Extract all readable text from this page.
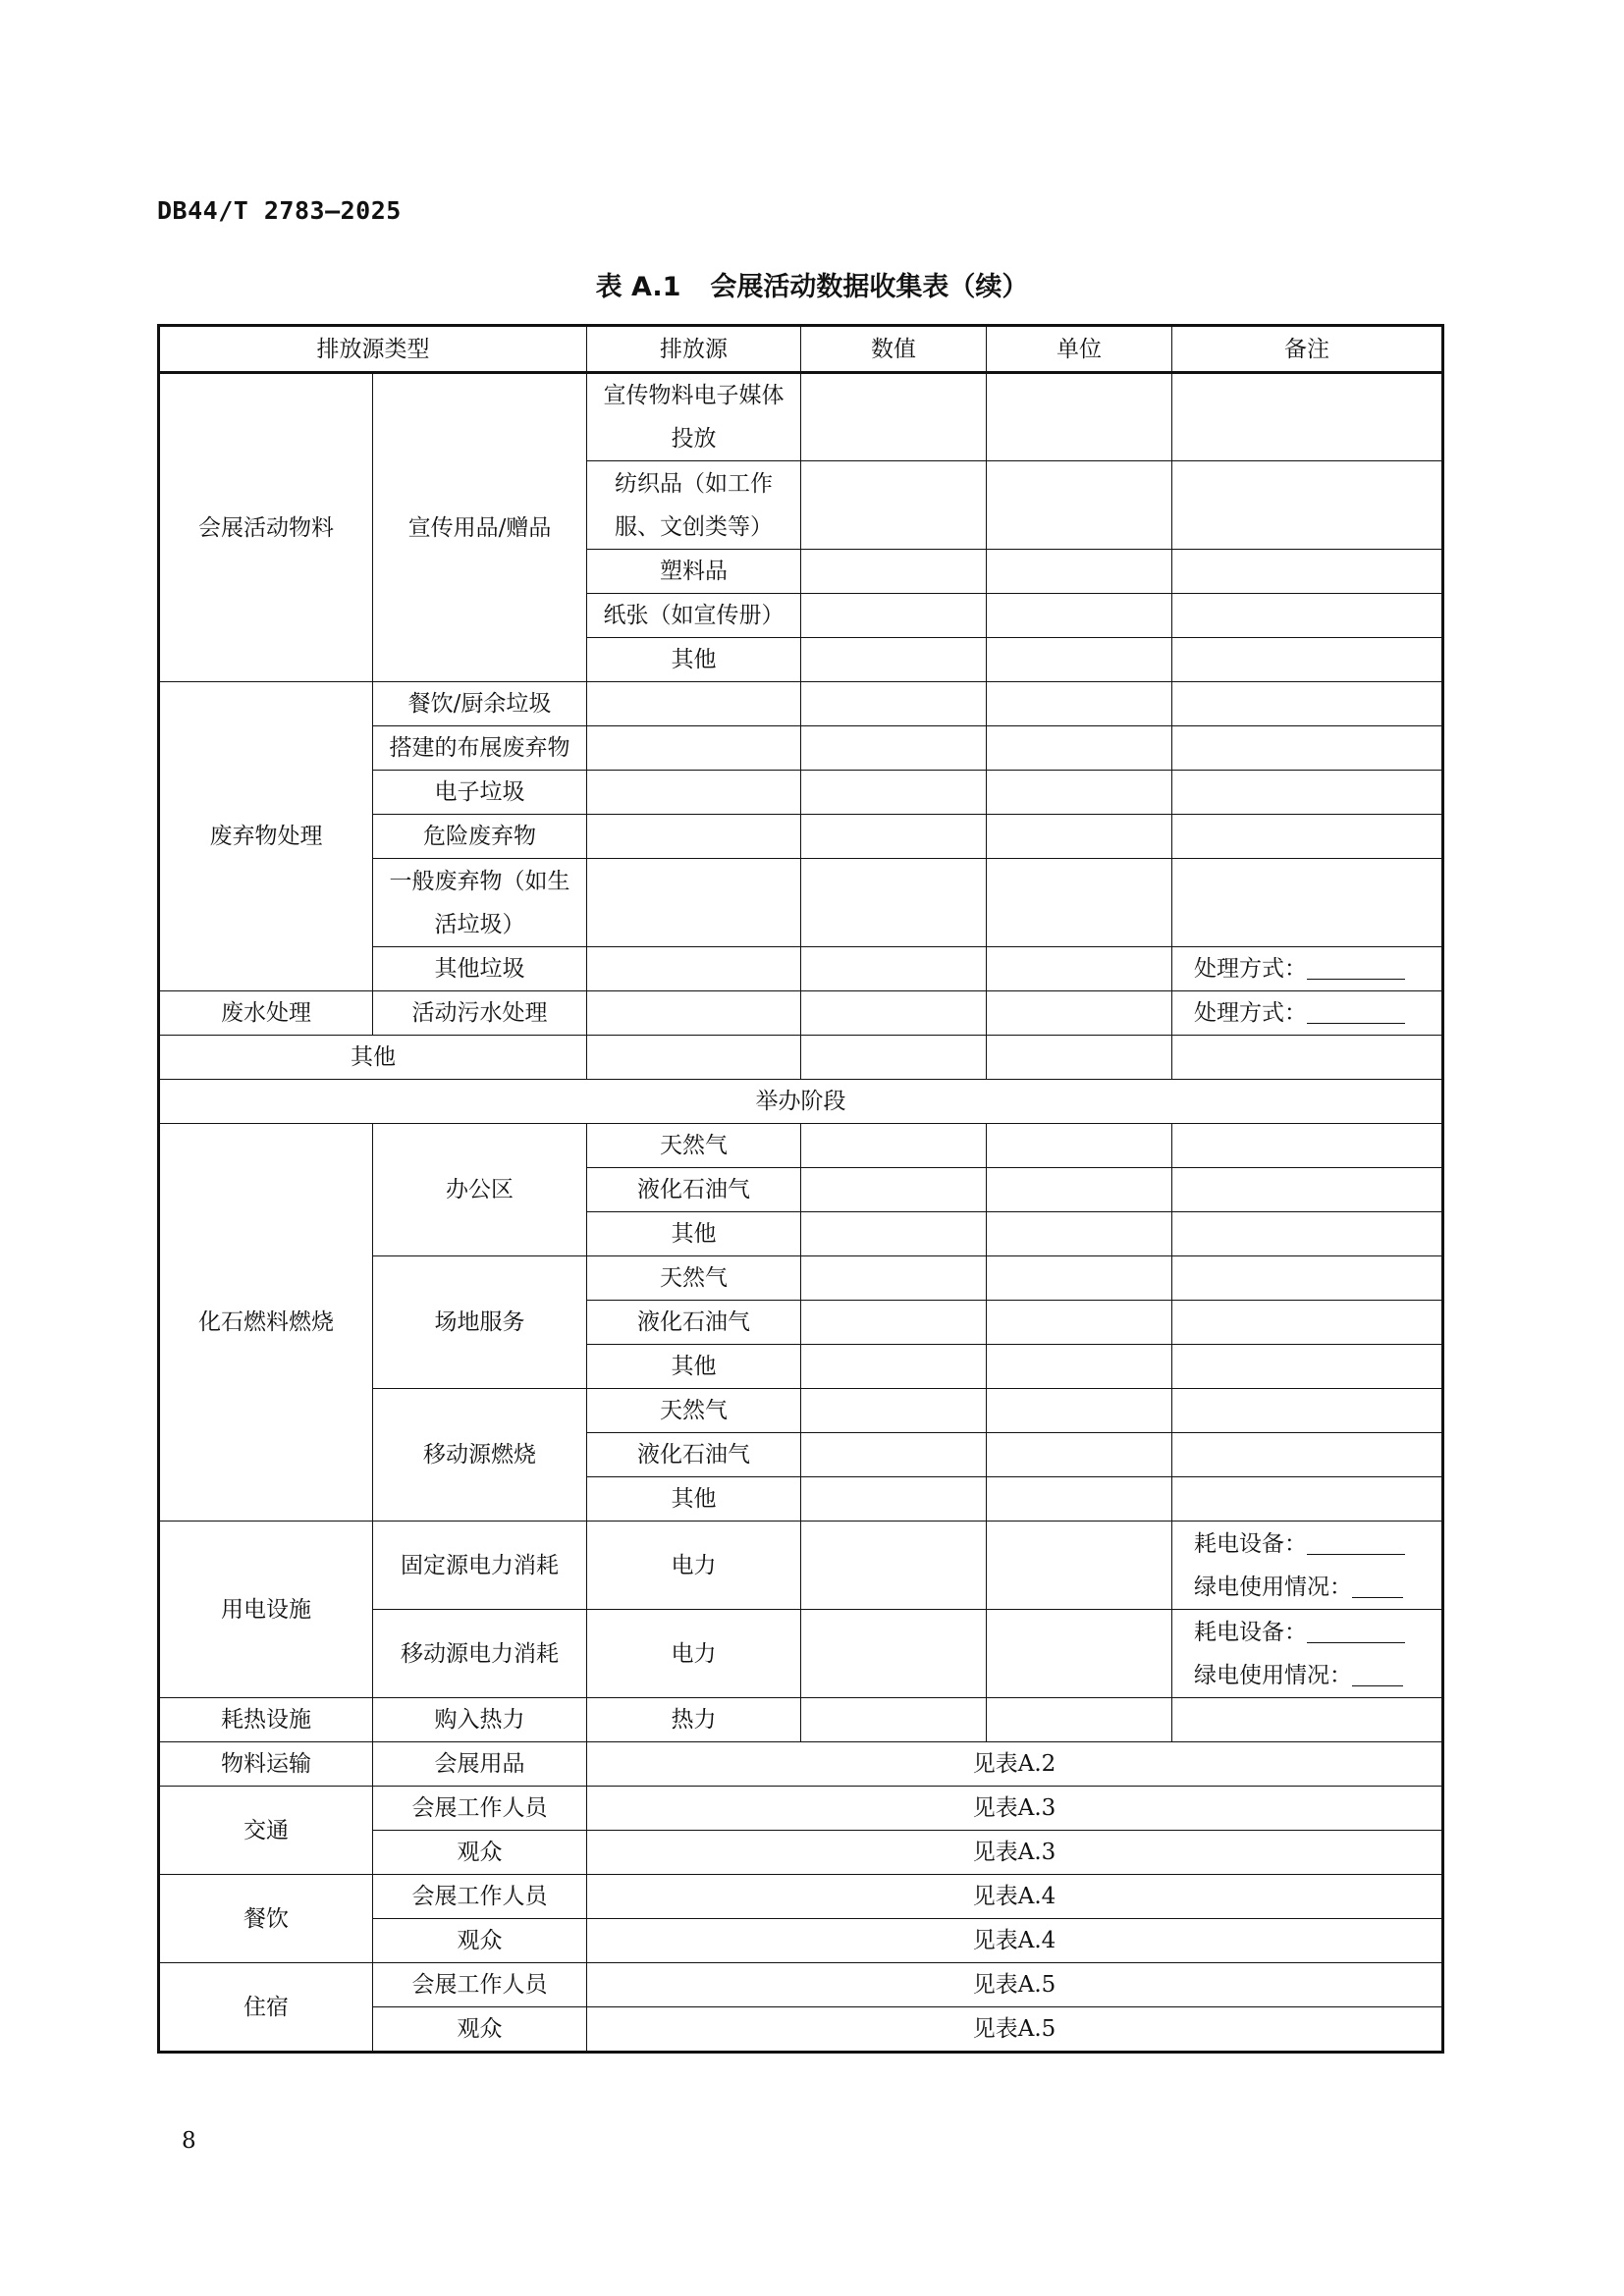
DB44/T 2783—2025
表 A.1 会展活动数据收集表（续）
排放源类型		排放源	数值	单位	备注
会展活动物料	宣传用品/赠品	宣传物料电子媒体投放			
		纺织品（如工作服、文创类等）			
		塑料品			
		纸张（如宣传册）			
		其他			
废弃物处理	餐饮/厨余垃圾				
	搭建的布展废弃物				
	电子垃圾				
	危险废弃物				
	一般废弃物（如生活垃圾）				
	其他垃圾				处理方式：
废水处理	活动污水处理				处理方式：
其他					
举办阶段					
化石燃料燃烧	办公区	天然气			
		液化石油气			
		其他			
	场地服务	天然气			
		液化石油气			
		其他			
	移动源燃烧	天然气			
		液化石油气			
		其他			
用电设施	固定源电力消耗	电力			耗电设备：
绿电使用情况：

	移动源电力消耗	电力			耗电设备：
绿电使用情况：

耗热设施	购入热力	热力			
物料运输	会展用品	见表A.2			
交通	会展工作人员	见表A.3			
	观众	见表A.3			
餐饮	会展工作人员	见表A.4			
	观众	见表A.4			
住宿	会展工作人员	见表A.5			
	观众	见表A.5			
8
